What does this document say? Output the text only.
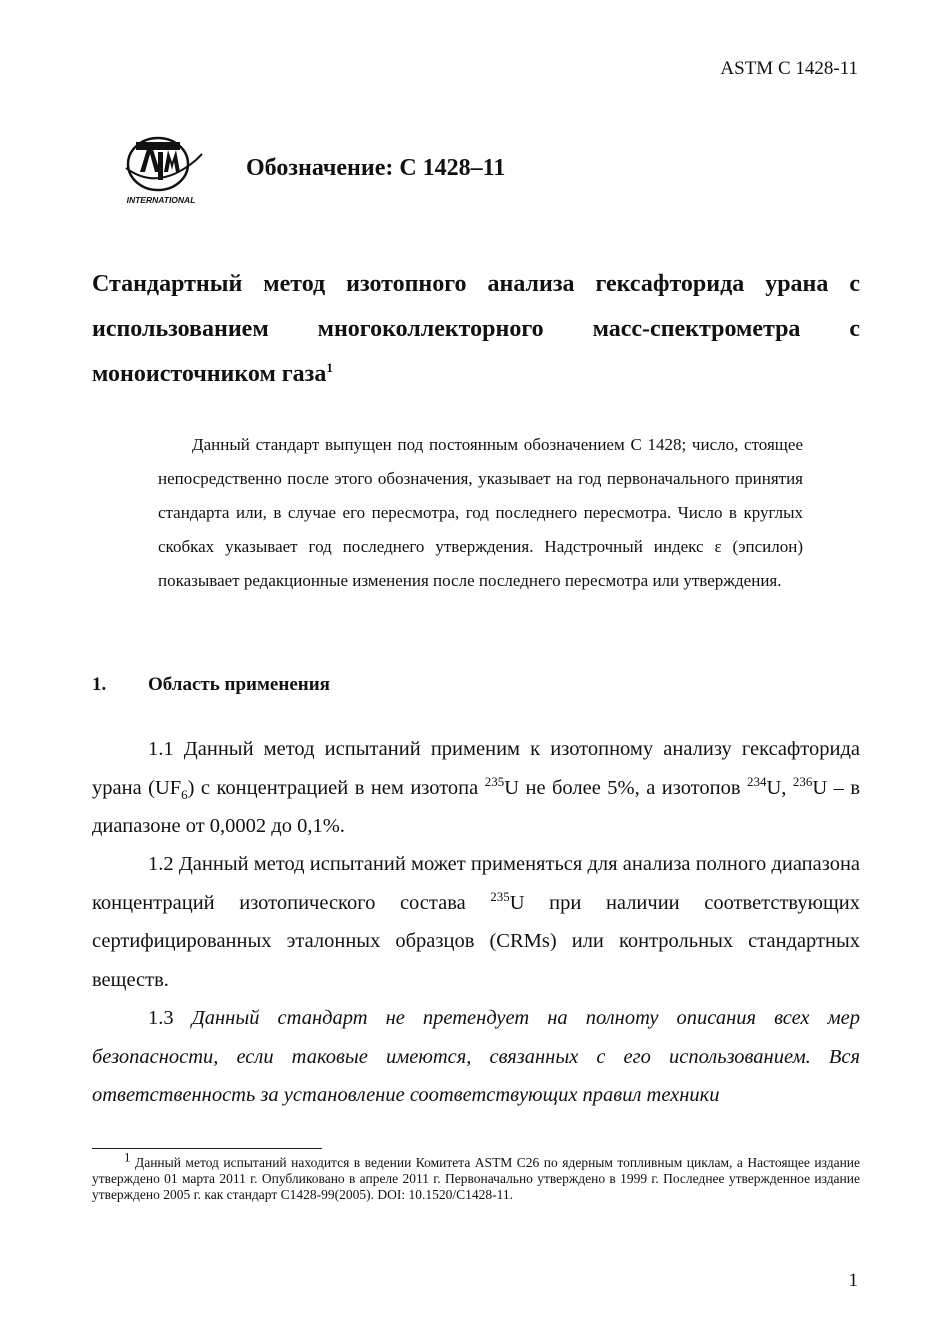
ASTM C 1428-11
INTERNATIONAL
Обозначение: С 1428–11
Стандартный метод изотопного анализа гексафторида урана с
использованием многоколлекторного масс-спектрометра с
моноисточником газа$^1$
Данный стандарт выпущен под постоянным обозначением C 1428; число, стоящее непосредственно после этого обозначения, указывает на год первоначального принятия стандарта или, в случае его пересмотра, год последнего пересмотра. Число в круглых скобках указывает год последнего утверждения. Надстрочный индекс ε (эпсилон) показывает редакционные изменения после последнего пересмотра или утверждения.
1. Область применения
1.1 Данный метод испытаний применим к изотопному анализу гексафторида урана $(UF_6)$ с концентрацией в нем изотопа $^{235}$U не более 5%, а изотопов $^{234}$U, $^{236}$U – в диапазоне от 0,0002 до 0,1%.
1.2 Данный метод испытаний может применяться для анализа полного диапазона концентраций изотопического состава $^{235}$U при наличии соответствующих сертифицированных эталонных образцов (CRMs) или контрольных стандартных веществ.
1.3 Данный стандарт не претендует на полноту описания всех мер безопасности, если таковые имеются, связанных с его использованием. Вся ответственность за установление соответствующих правил техники
$^1$ Данный метод испытаний находится в ведении Комитета ASTM C26 по ядерным топливным циклам, а Настоящее издание утверждено 01 марта 2011 г. Опубликовано в апреле 2011 г. Первоначально утверждено в 1999 г. Последнее утвержденное издание утверждено 2005 г. как стандарт C1428-99(2005). DOI: 10.1520/C1428-11.
1
